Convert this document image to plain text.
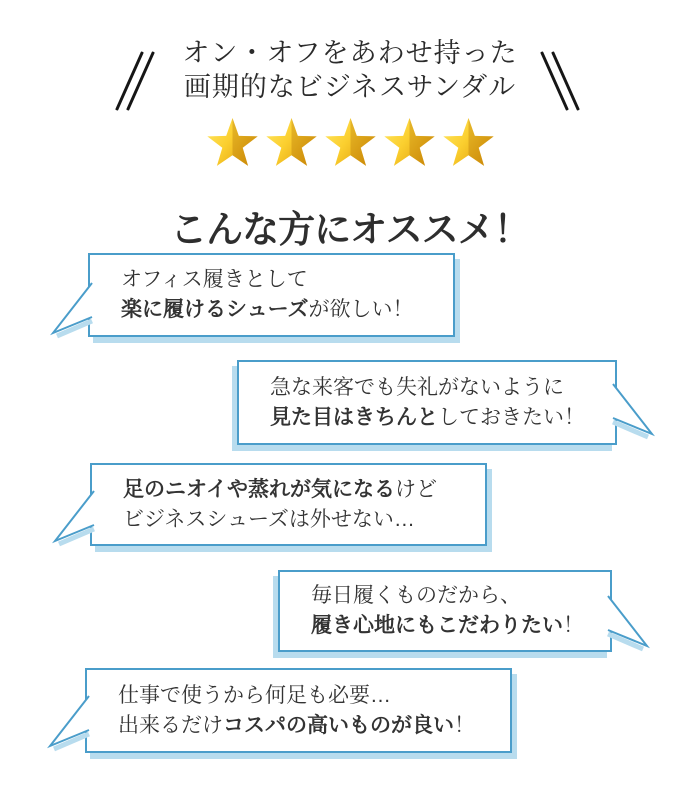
オン・オフをあわせ持った
画期的なビジネスサンダル
こんな方にオススメ！

オフィス履きとして

楽に履けるシューズが欲しい！

急な来客でも失礼がないように

見た目はきちんとしておきたい！

足のニオイや蒸れが気になるけど

ビジネスシューズは外せない…

毎日履くものだから、

履き心地にもこだわりたい！

仕事で使うから何足も必要…

出来るだけコスパの高いものが良い！
